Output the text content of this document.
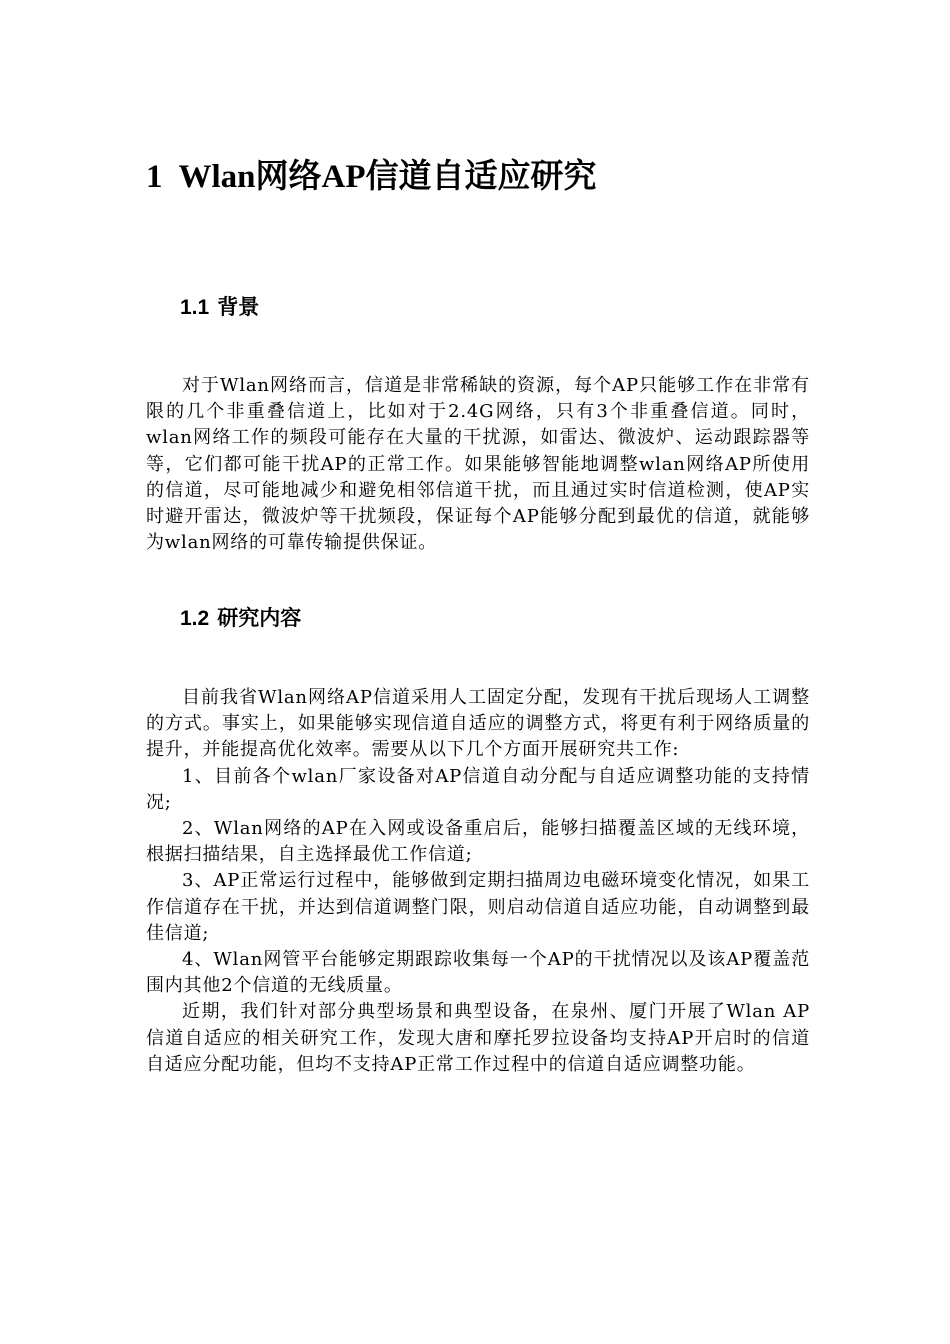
1 Wlan网络AP信道自适应研究
1.1 背景

对于Wlan网络而言，信道是非常稀缺的资源，每个AP只能够工作在非常有限的几个非重叠信道上，比如对于2.4G网络，只有3个非重叠信道。同时，wlan网络工作的频段可能存在大量的干扰源，如雷达、微波炉、运动跟踪器等等，它们都可能干扰AP的正常工作。如果能够智能地调整wlan网络AP所使用的信道，尽可能地减少和避免相邻信道干扰，而且通过实时信道检测，使AP实时避开雷达，微波炉等干扰频段，保证每个AP能够分配到最优的信道，就能够为wlan网络的可靠传输提供保证。

1.2 研究内容

目前我省Wlan网络AP信道采用人工固定分配，发现有干扰后现场人工调整的方式。事实上，如果能够实现信道自适应的调整方式，将更有利于网络质量的提升，并能提高优化效率。需要从以下几个方面开展研究共工作:

1、目前各个wlan厂家设备对AP信道自动分配与自适应调整功能的支持情况;

2、Wlan网络的AP在入网或设备重启后，能够扫描覆盖区域的无线环境，根据扫描结果，自主选择最优工作信道;

3、AP正常运行过程中，能够做到定期扫描周边电磁环境变化情况，如果工作信道存在干扰，并达到信道调整门限，则启动信道自适应功能，自动调整到最佳信道;

4、Wlan网管平台能够定期跟踪收集每一个AP的干扰情况以及该AP覆盖范围内其他2个信道的无线质量。

近期，我们针对部分典型场景和典型设备，在泉州、厦门开展了Wlan AP信道自适应的相关研究工作，发现大唐和摩托罗拉设备均支持AP开启时的信道自适应分配功能，但均不支持AP正常工作过程中的信道自适应调整功能。
